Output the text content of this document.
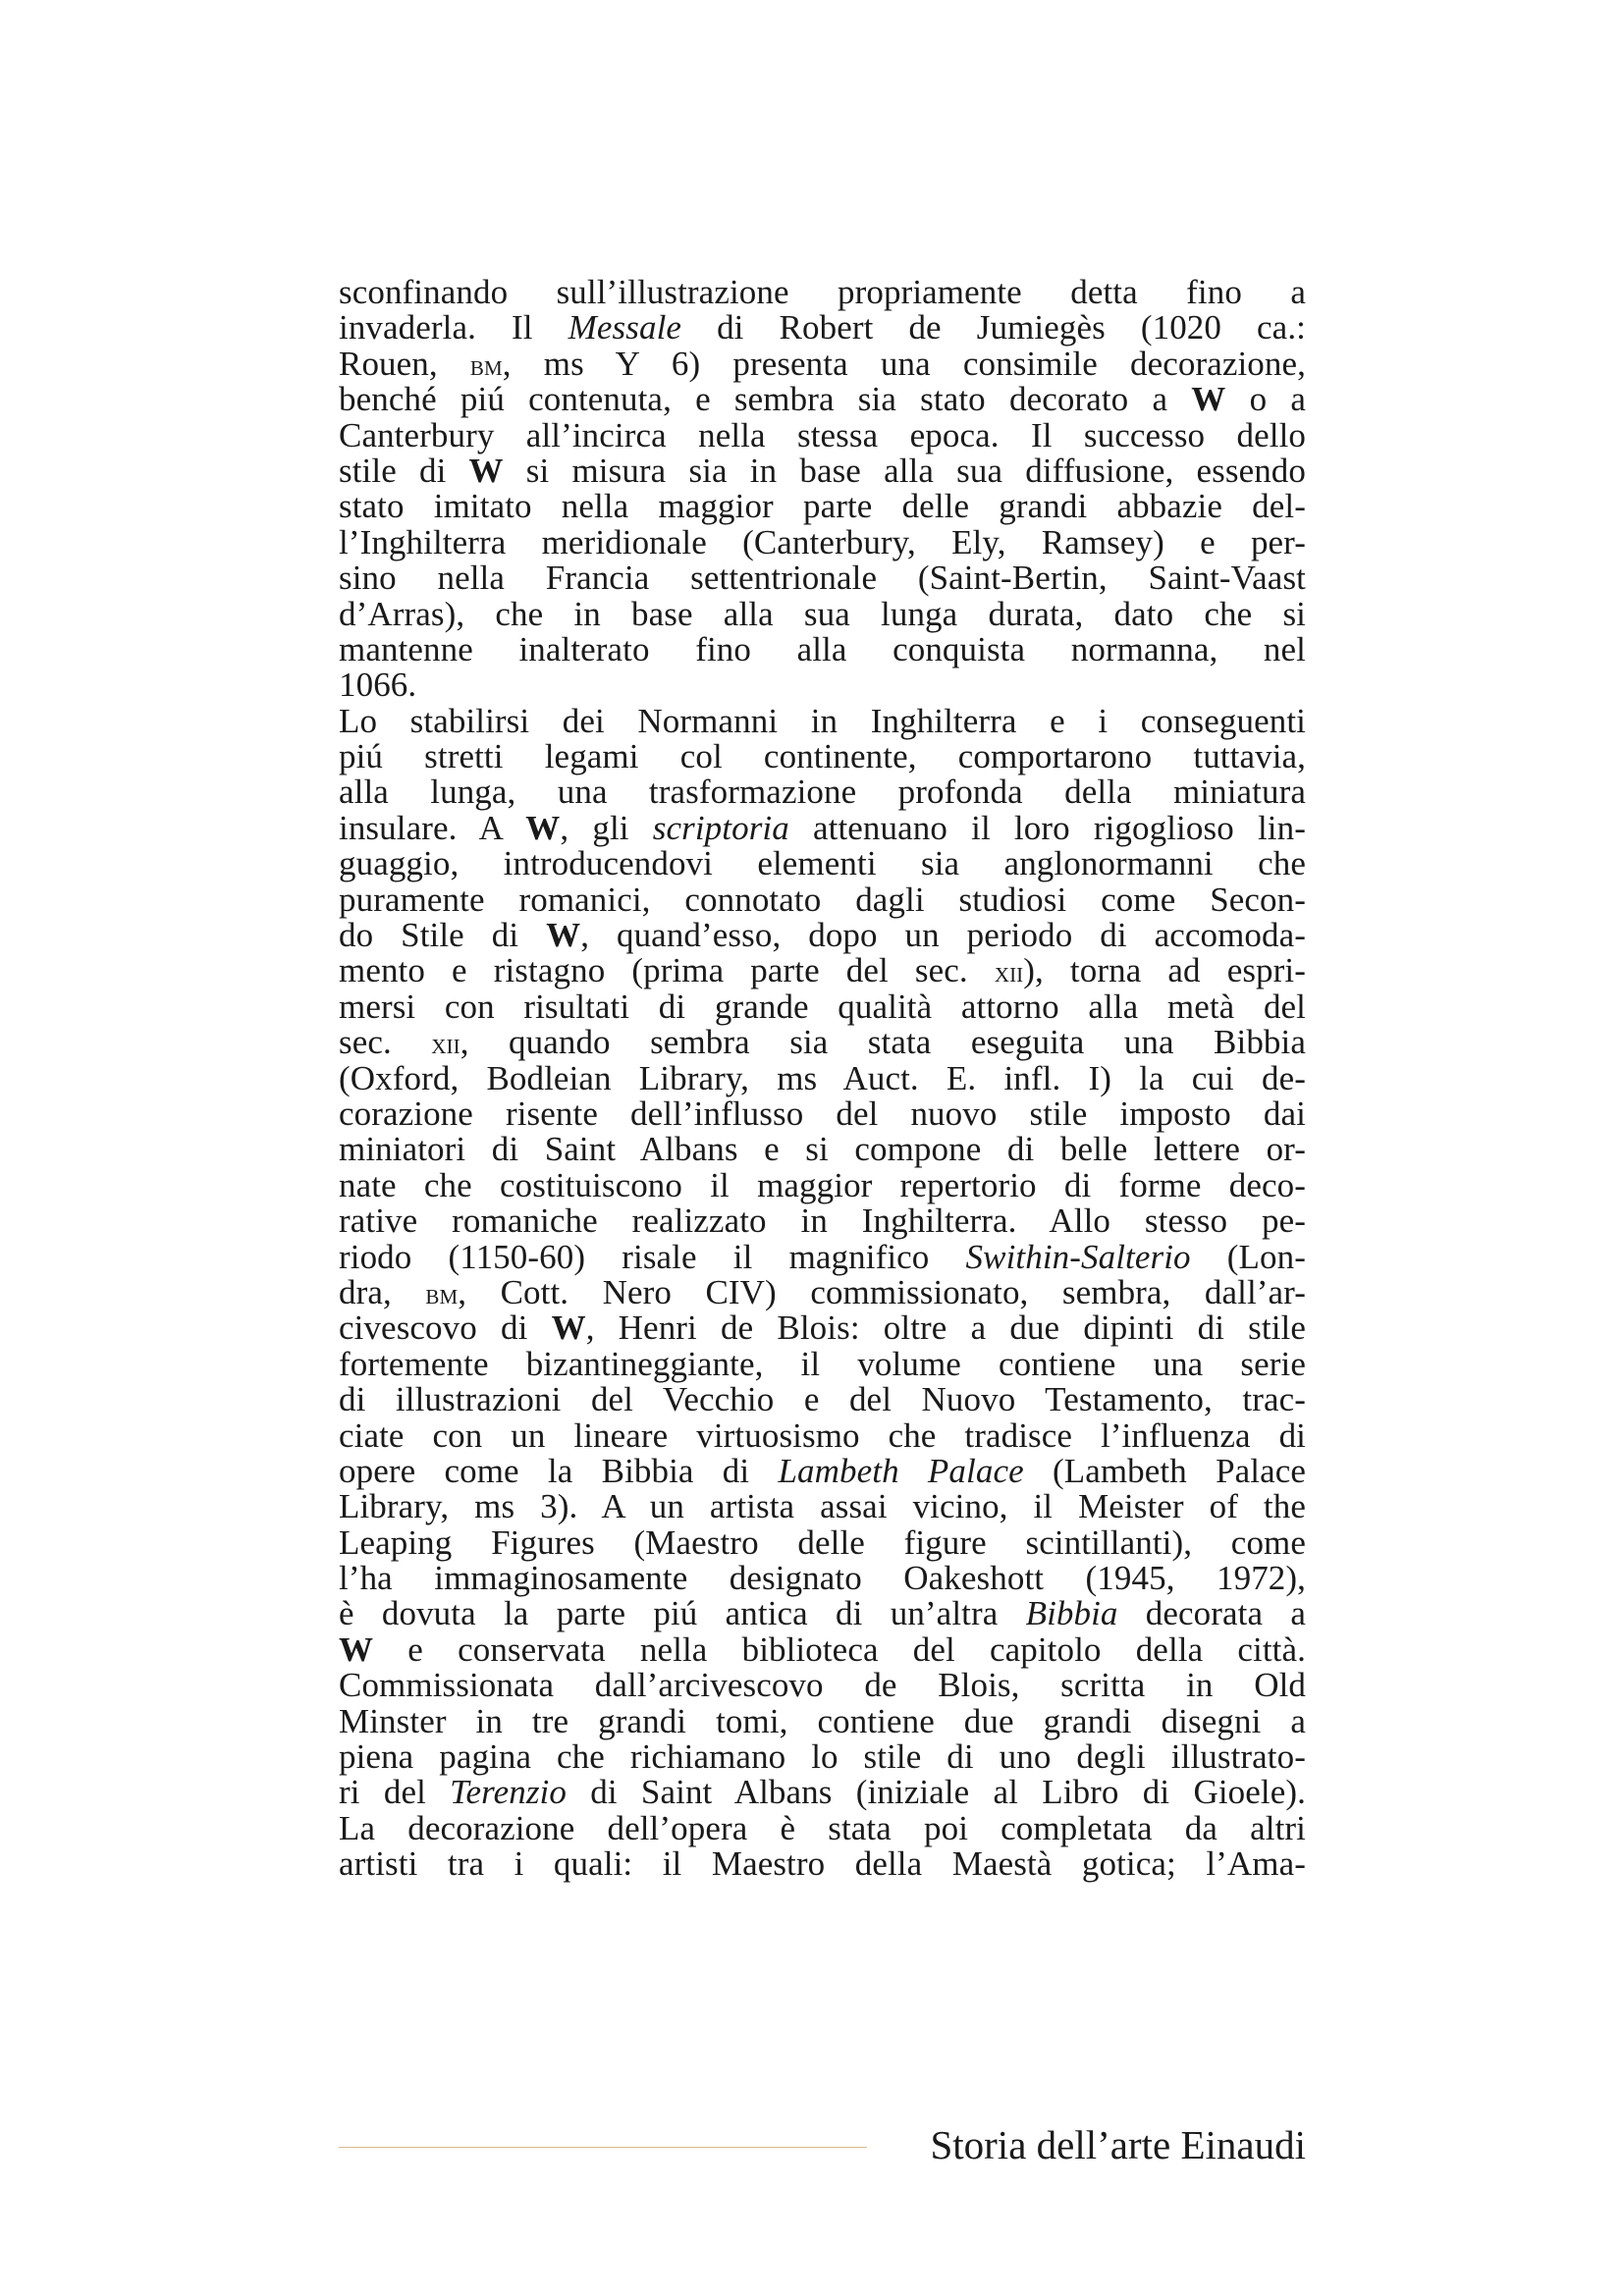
sconfinando sull’illustrazione propriamente detta fino a
invaderla. Il Messale di Robert de Jumiegès (1020 ca.:
Rouen, bm, ms Y 6) presenta una consimile decorazione,
benché piú contenuta, e sembra sia stato decorato a W o a
Canterbury all’incirca nella stessa epoca. Il successo dello
stile di W si misura sia in base alla sua diffusione, essendo
stato imitato nella maggior parte delle grandi abbazie del-
l’Inghilterra meridionale (Canterbury, Ely, Ramsey) e per-
sino nella Francia settentrionale (Saint-Bertin, Saint-Vaast
d’Arras), che in base alla sua lunga durata, dato che si
mantenne inalterato fino alla conquista normanna, nel
1066.
Lo stabilirsi dei Normanni in Inghilterra e i conseguenti
piú stretti legami col continente, comportarono tuttavia,
alla lunga, una trasformazione profonda della miniatura
insulare. A W, gli scriptoria attenuano il loro rigoglioso lin-
guaggio, introducendovi elementi sia anglonormanni che
puramente romanici, connotato dagli studiosi come Secon-
do Stile di W, quand’esso, dopo un periodo di accomoda-
mento e ristagno (prima parte del sec. xii), torna ad espri-
mersi con risultati di grande qualità attorno alla metà del
sec. xii, quando sembra sia stata eseguita una Bibbia
(Oxford, Bodleian Library, ms Auct. E. infl. I) la cui de-
corazione risente dell’influsso del nuovo stile imposto dai
miniatori di Saint Albans e si compone di belle lettere or-
nate che costituiscono il maggior repertorio di forme deco-
rative romaniche realizzato in Inghilterra. Allo stesso pe-
riodo (1150-60) risale il magnifico Swithin-Salterio (Lon-
dra, bm, Cott. Nero CIV) commissionato, sembra, dall’ar-
civescovo di W, Henri de Blois: oltre a due dipinti di stile
fortemente bizantineggiante, il volume contiene una serie
di illustrazioni del Vecchio e del Nuovo Testamento, trac-
ciate con un lineare virtuosismo che tradisce l’influenza di
opere come la Bibbia di Lambeth Palace (Lambeth Palace
Library, ms 3). A un artista assai vicino, il Meister of the
Leaping Figures (Maestro delle figure scintillanti), come
l’ha immaginosamente designato Oakeshott (1945, 1972),
è dovuta la parte piú antica di un’altra Bibbia decorata a
W e conservata nella biblioteca del capitolo della città.
Commissionata dall’arcivescovo de Blois, scritta in Old
Minster in tre grandi tomi, contiene due grandi disegni a
piena pagina che richiamano lo stile di uno degli illustrato-
ri del Terenzio di Saint Albans (iniziale al Libro di Gioele).
La decorazione dell’opera è stata poi completata da altri
artisti tra i quali: il Maestro della Maestà gotica; l’Ama-
Storia dell’arte Einaudi
